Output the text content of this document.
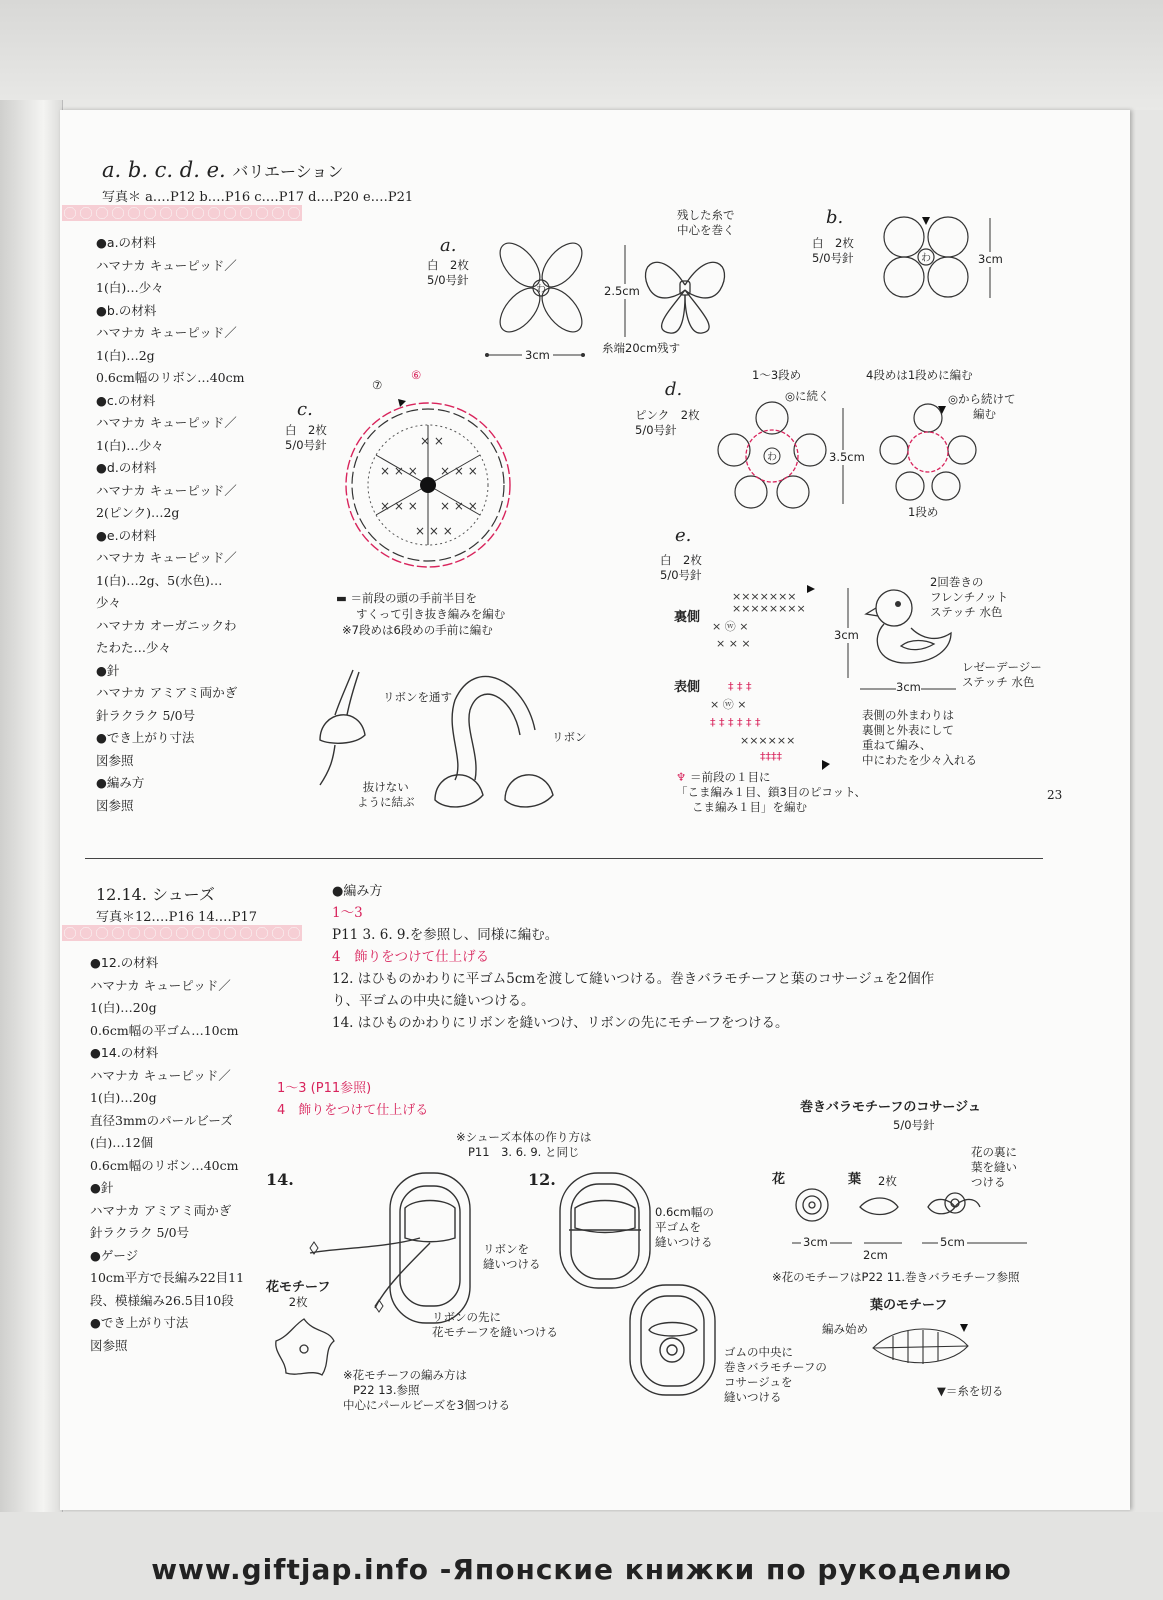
a. b. c. d. e. バリエーション
写真＊ a.…P12 b.…P16 c.…P17 d.…P20 e.…P21
●a.の材料
ハマナカ キューピッド／
1(白)…少々
●b.の材料
ハマナカ キューピッド／
1(白)…2g
0.6cm幅のリボン…40cm
●c.の材料
ハマナカ キューピッド／
1(白)…少々
●d.の材料
ハマナカ キューピッド／
2(ピンク)…2g
●e.の材料
ハマナカ キューピッド／
1(白)…2g、5(水色)…
少々
ハマナカ オーガニックわ
たわた…少々
●針
ハマナカ アミアミ両かぎ
針ラクラク 5/0号
●でき上がり寸法
図参照
●編み方
図参照
a.
白　2枚
5/0号針
わ
3cm
2.5cm
残した糸で
中心を巻く
糸端20cm残す
b.
白　2枚
5/0号針	わ	3cm
c.
白　2枚
5/0号針	× ×
× × × × × ×
× × × × × ×
× × ×
⑦
⑥
▬ ＝前段の頭の手前半目を
すくって引き抜き編みを編む
※7段めは6段めの手前に編む
リボンを通す
リボン
抜けない
ように結ぶ
d.
ピンク　2枚
5/0号針
1〜3段め	4段めは1段めに編む
◎に続く	◎から続けて
編む
わ	3.5cm
1段め
e.
白　2枚
5/0号針
裏側
表側
×××××××
××××××××
× ⓦ ×
× × ×
‡ ‡ ‡
× ⓦ ×
‡ ‡ ‡ ‡ ‡ ‡
××××××
‡‡‡‡
3cm
3cm
2回巻きの
フレンチノット
ステッチ 水色
レゼーデージー
ステッチ 水色
表側の外まわりは
裏側と外表にして
重ねて編み、
中にわたを少々入れる
♆ ＝前段の１目に
「こま編み１目、鎖3目のピコット、
こま編み１目」を編む
23
12.14. シューズ
写真＊12.…P16 14.…P17
●12.の材料
ハマナカ キューピッド／
1(白)…20g
0.6cm幅の平ゴム…10cm
●14.の材料
ハマナカ キューピッド／
1(白)…20g
直径3mmのパールビーズ
(白)…12個
0.6cm幅のリボン…40cm
●針
ハマナカ アミアミ両かぎ
針ラクラク 5/0号
●ゲージ
10cm平方で長編み22目11
段、模様編み26.5目10段
●でき上がり寸法
図参照
●編み方
1〜3
P11 3. 6. 9.を参照し、同様に編む。
4　飾りをつけて仕上げる
12. はひものかわりに平ゴム5cmを渡して縫いつける。巻きバラモチーフと葉のコサージュを2個作
り、平ゴムの中央に縫いつける。
14. はひものかわりにリボンを縫いつけ、リボンの先にモチーフをつける。
1〜3 (P11参照)
4　飾りをつけて仕上げる
※シューズ本体の作り方は
P11　3. 6. 9. と同じ
14.
リボンを
縫いつける
花モチーフ
2枚
リボンの先に
花モチーフを縫いつける
※花モチーフの編み方は
P22 13.参照
中心にパールビーズを3個つける
12.
0.6cm幅の
平ゴムを
縫いつける
ゴムの中央に
巻きバラモチーフの
コサージュを
縫いつける
巻きバラモチーフのコサージュ
5/0号針
花	葉 2枚
花の裏に
葉を縫い
つける
3cm
2cm
5cm
※花のモチーフはP22 11.巻きバラモチーフ参照
葉のモチーフ
編み始め
▼＝糸を切る
www.giftjap.info -Японские книжки по рукоделию
